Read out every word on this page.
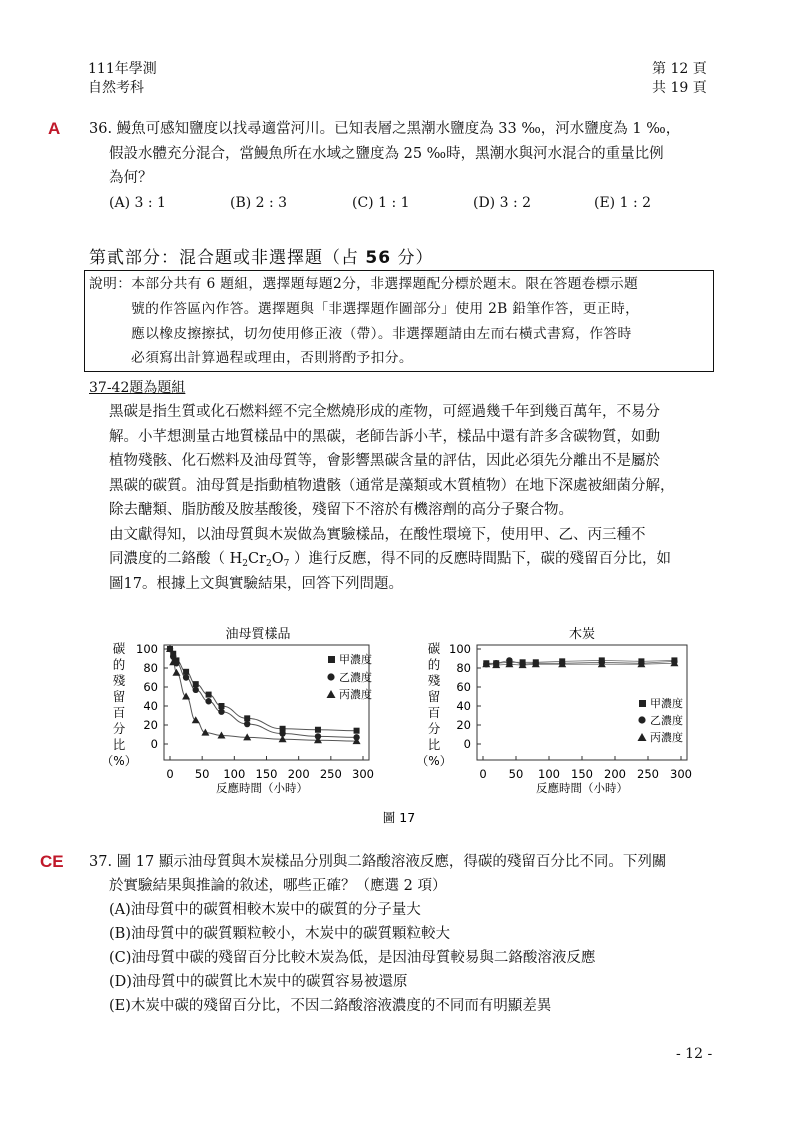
111年學測
自然考科
第 12 頁
共 19 頁
A 36. 鰻魚可感知鹽度以找尋適當河川。已知表層之黑潮水鹽度為 33 ‰，河水鹽度為 1 ‰，
假設水體充分混合，當鰻魚所在水域之鹽度為 25 ‰時，黑潮水與河水混合的重量比例
為何？
(A) 3 : 1	(B) 2 : 3	(C) 1 : 1	(D) 3 : 2	(E) 1 : 2
第貳部分：混合題或非選擇題（占 56 分）
說明：本部分共有 6 題組，選擇題每題2分，非選擇題配分標於題末。限在答題卷標示題
號的作答區內作答。選擇題與「非選擇題作圖部分」使用 2B 鉛筆作答，更正時，
應以橡皮擦擦拭，切勿使用修正液（帶）。非選擇題請由左而右橫式書寫，作答時
必須寫出計算過程或理由，否則將酌予扣分。
37-42題為題組
黑碳是指生質或化石燃料經不完全燃燒形成的產物，可經過幾千年到幾百萬年，不易分
解。小芊想測量古地質樣品中的黑碳，老師告訴小芊，樣品中還有許多含碳物質，如動
植物殘骸、化石燃料及油母質等，會影響黑碳含量的評估，因此必須先分離出不是屬於
黑碳的碳質。油母質是指動植物遺骸（通常是藻類或木質植物）在地下深處被細菌分解，
除去醣類、脂肪酸及胺基酸後，殘留下不溶於有機溶劑的高分子聚合物。
由文獻得知，以油母質與木炭做為實驗樣品，在酸性環境下，使用甲、乙、丙三種不
同濃度的二鉻酸（ $H_2Cr_2O_7$ ）進行反應，得不同的反應時間點下，碳的殘留百分比，如
圖17。根據上文與實驗結果，回答下列問題。
油母質樣品
碳
的
殘
留
百
分
比
（%）
0
20
40
60
80
100
0 50 100 150 200 250 300
甲濃度
乙濃度
丙濃度
反應時間（小時）
木炭
碳
的
殘
留
百
分
比
（%）
0
20
40
60
80
100
0 50 100 150 200 250 300
甲濃度
乙濃度
丙濃度
反應時間（小時）
圖 17
CE 37. 圖 17 顯示油母質與木炭樣品分別與二鉻酸溶液反應，得碳的殘留百分比不同。下列關
於實驗結果與推論的敘述，哪些正確？（應選 2 項）
(A)油母質中的碳質相較木炭中的碳質的分子量大
(B)油母質中的碳質顆粒較小，木炭中的碳質顆粒較大
(C)油母質中碳的殘留百分比較木炭為低，是因油母質較易與二鉻酸溶液反應
(D)油母質中的碳質比木炭中的碳質容易被還原
(E)木炭中碳的殘留百分比，不因二鉻酸溶液濃度的不同而有明顯差異
- 12 -
